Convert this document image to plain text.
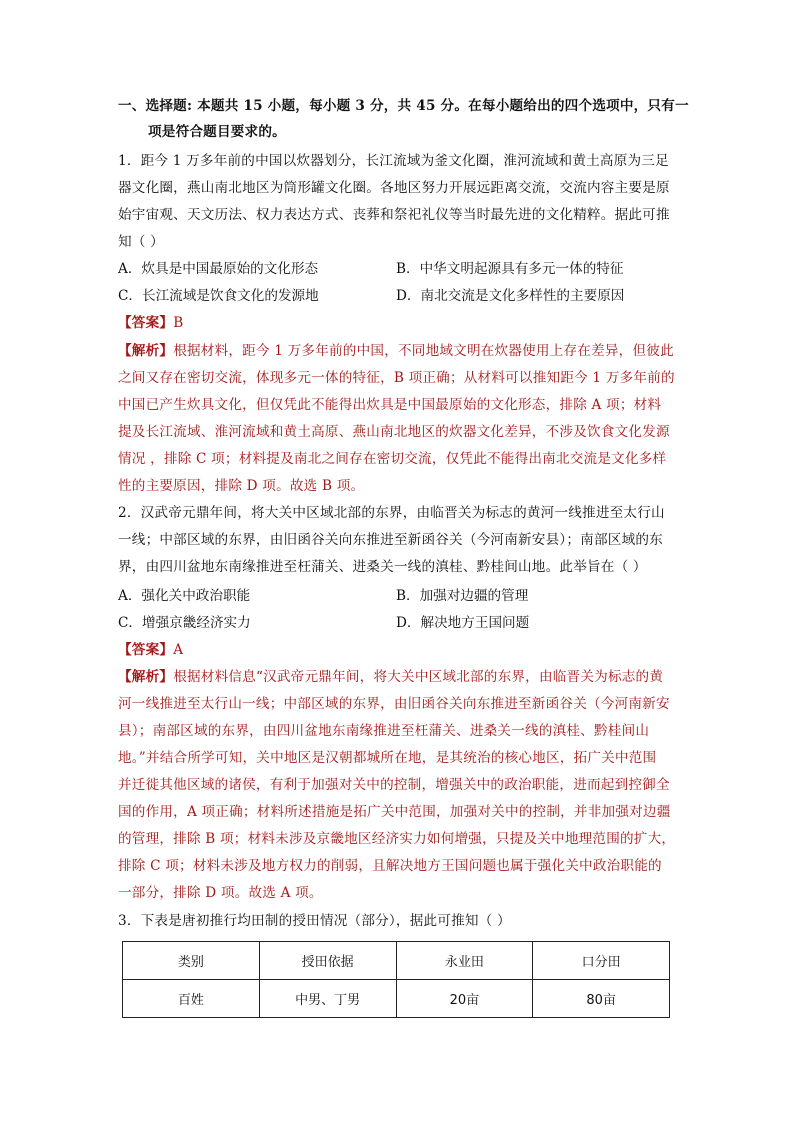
一、选择题: 本题共 15 小题，每小题 3 分，共 45 分。在每小题给出的四个选项中，只有一
项是符合题目要求的。
1．距今 1 万多年前的中国以炊器划分，长江流域为釜文化圈，淮河流域和黄土高原为三足
器文化圈，燕山南北地区为筒形罐文化圈。各地区努力开展远距离交流，交流内容主要是原
始宇宙观、天文历法、权力表达方式、丧葬和祭祀礼仪等当时最先进的文化精粹。据此可推
知（ ）
A．炊具是中国最原始的文化形态	B．中华文明起源具有多元一体的特征
C．长江流域是饮食文化的发源地	D．南北交流是文化多样性的主要原因
【答案】B
【解析】根据材料，距今 1 万多年前的中国，不同地域文明在炊器使用上存在差异，但彼此
之间又存在密切交流，体现多元一体的特征，B 项正确；从材料可以推知距今 1 万多年前的
中国已产生炊具文化，但仅凭此不能得出炊具是中国最原始的文化形态，排除 A 项；材料
提及长江流域、淮河流域和黄土高原、燕山南北地区的炊器文化差异，不涉及饮食文化发源
情况 ，排除 C 项；材料提及南北之间存在密切交流，仅凭此不能得出南北交流是文化多样
性的主要原因，排除 D 项。故选 B 项。
2．汉武帝元鼎年间，将大关中区域北部的东界，由临晋关为标志的黄河一线推进至太行山
一线；中部区域的东界，由旧函谷关向东推进至新函谷关（今河南新安县）；南部区域的东
界，由四川盆地东南缘推进至枉蒲关、进桑关一线的滇桂、黔桂间山地。此举旨在（ ）
A．强化关中政治职能	B．加强对边疆的管理
C．增强京畿经济实力	D．解决地方王国问题
【答案】A
【解析】根据材料信息“汉武帝元鼎年间，将大关中区域北部的东界，由临晋关为标志的黄
河一线推进至太行山一线；中部区域的东界，由旧函谷关向东推进至新函谷关（今河南新安
县）；南部区域的东界，由四川盆地东南缘推进至枉蒲关、进桑关一线的滇桂、黔桂间山
地。”并结合所学可知，关中地区是汉朝都城所在地，是其统治的核心地区，拓广关中范围
并迁徙其他区域的诸侯，有利于加强对关中的控制，增强关中的政治职能，进而起到控御全
国的作用，A 项正确；材料所述措施是拓广关中范围，加强对关中的控制，并非加强对边疆
的管理，排除 B 项；材料未涉及京畿地区经济实力如何增强，只提及关中地理范围的扩大，
排除 C 项；材料未涉及地方权力的削弱，且解决地方王国问题也属于强化关中政治职能的
一部分，排除 D 项。故选 A 项。
3．下表是唐初推行均田制的授田情况（部分），据此可推知（ ）
类别	授田依据	永业田	口分田
百姓	中男、丁男	20亩	80亩
